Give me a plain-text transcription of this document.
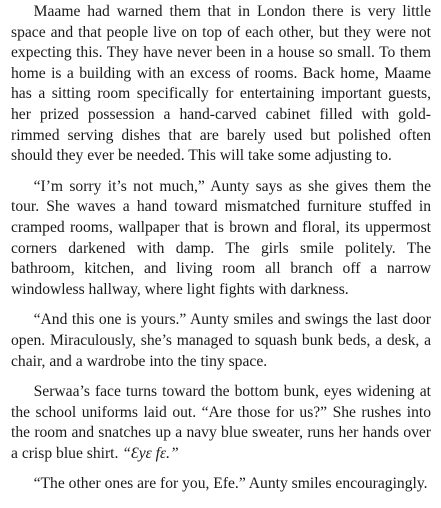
Maame had warned them that in London there is very little space and that people live on top of each other, but they were not expecting this. They have never been in a house so small. To them home is a building with an excess of rooms. Back home, Maame has a sitting room specifically for entertaining important guests, her prized possession a hand-carved cabinet filled with gold-rimmed serving dishes that are barely used but polished often should they ever be needed. This will take some adjusting to.

“I’m sorry it’s not much,” Aunty says as she gives them the tour. She waves a hand toward mismatched furniture stuffed in cramped rooms, wallpaper that is brown and floral, its uppermost corners darkened with damp. The girls smile politely. The bathroom, kitchen, and living room all branch off a narrow windowless hallway, where light fights with darkness.

“And this one is yours.” Aunty smiles and swings the last door open. Miraculously, she’s managed to squash bunk beds, a desk, a chair, and a wardrobe into the tiny space.

Serwaa’s face turns toward the bottom bunk, eyes widening at the school uniforms laid out. “Are those for us?” She rushes into the room and snatches up a navy blue sweater, runs her hands over a crisp blue shirt. “Ɛyɛ fɛ.”

“The other ones are for you, Efe.” Aunty smiles encouragingly.
